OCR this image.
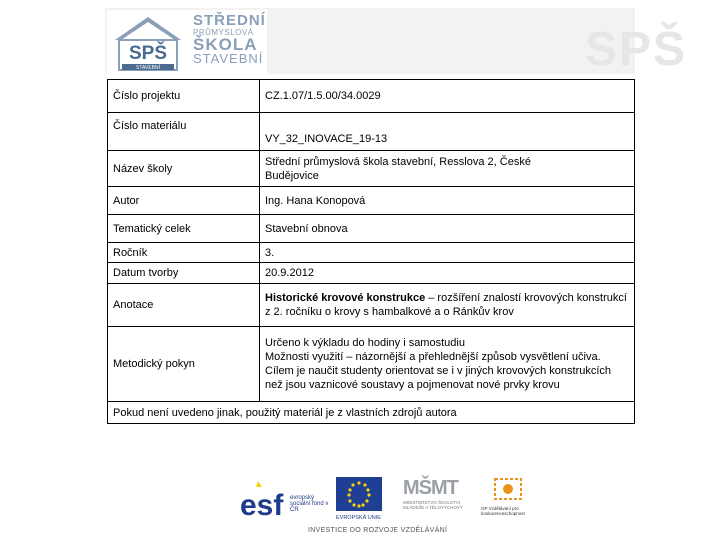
SPŠ
SPŠ
STAVEBNÍ
STŘEDNÍ
PRŮMYSLOVÁ
ŠKOLA
STAVEBNÍ
Číslo projektu	CZ.1.07/1.5.00/34.0029
Číslo materiálu	VY_32_INOVACE_19-13
Název školy	Střední průmyslová škola stavební, Resslova 2, České Budějovice
Autor	Ing. Hana Konopová
Tematický celek	Stavební obnova
Ročník	3.
Datum tvorby	20.9.2012
Anotace	Historické krovové konstrukce – rozšíření znalostí krovových konstrukcí z 2. ročníku o krovy s hambalkové a o Ránkův krov
Metodický pokyn	Určeno k výkladu do hodiny i samostudiu
Možnosti využití – názornější a přehlednější způsob vysvětlení učiva.
Cílem je naučit studenty orientovat se i v jiných krovových konstrukcích než jsou vaznicové soustavy a pojmenovat nové prvky krovu

Pokud není uvedeno jinak, použitý materiál je z vlastních zdrojů autora	
esf evropský sociální fond v ČR
EVROPSKÁ UNIE
MŠMT
MINISTERSTVO ŠKOLSTVÍ, MLÁDEŽE A TĚLOVÝCHOVY	OP Vzdělávání pro konkurenceschopnost
INVESTICE DO ROZVOJE VZDĚLÁVÁNÍ
